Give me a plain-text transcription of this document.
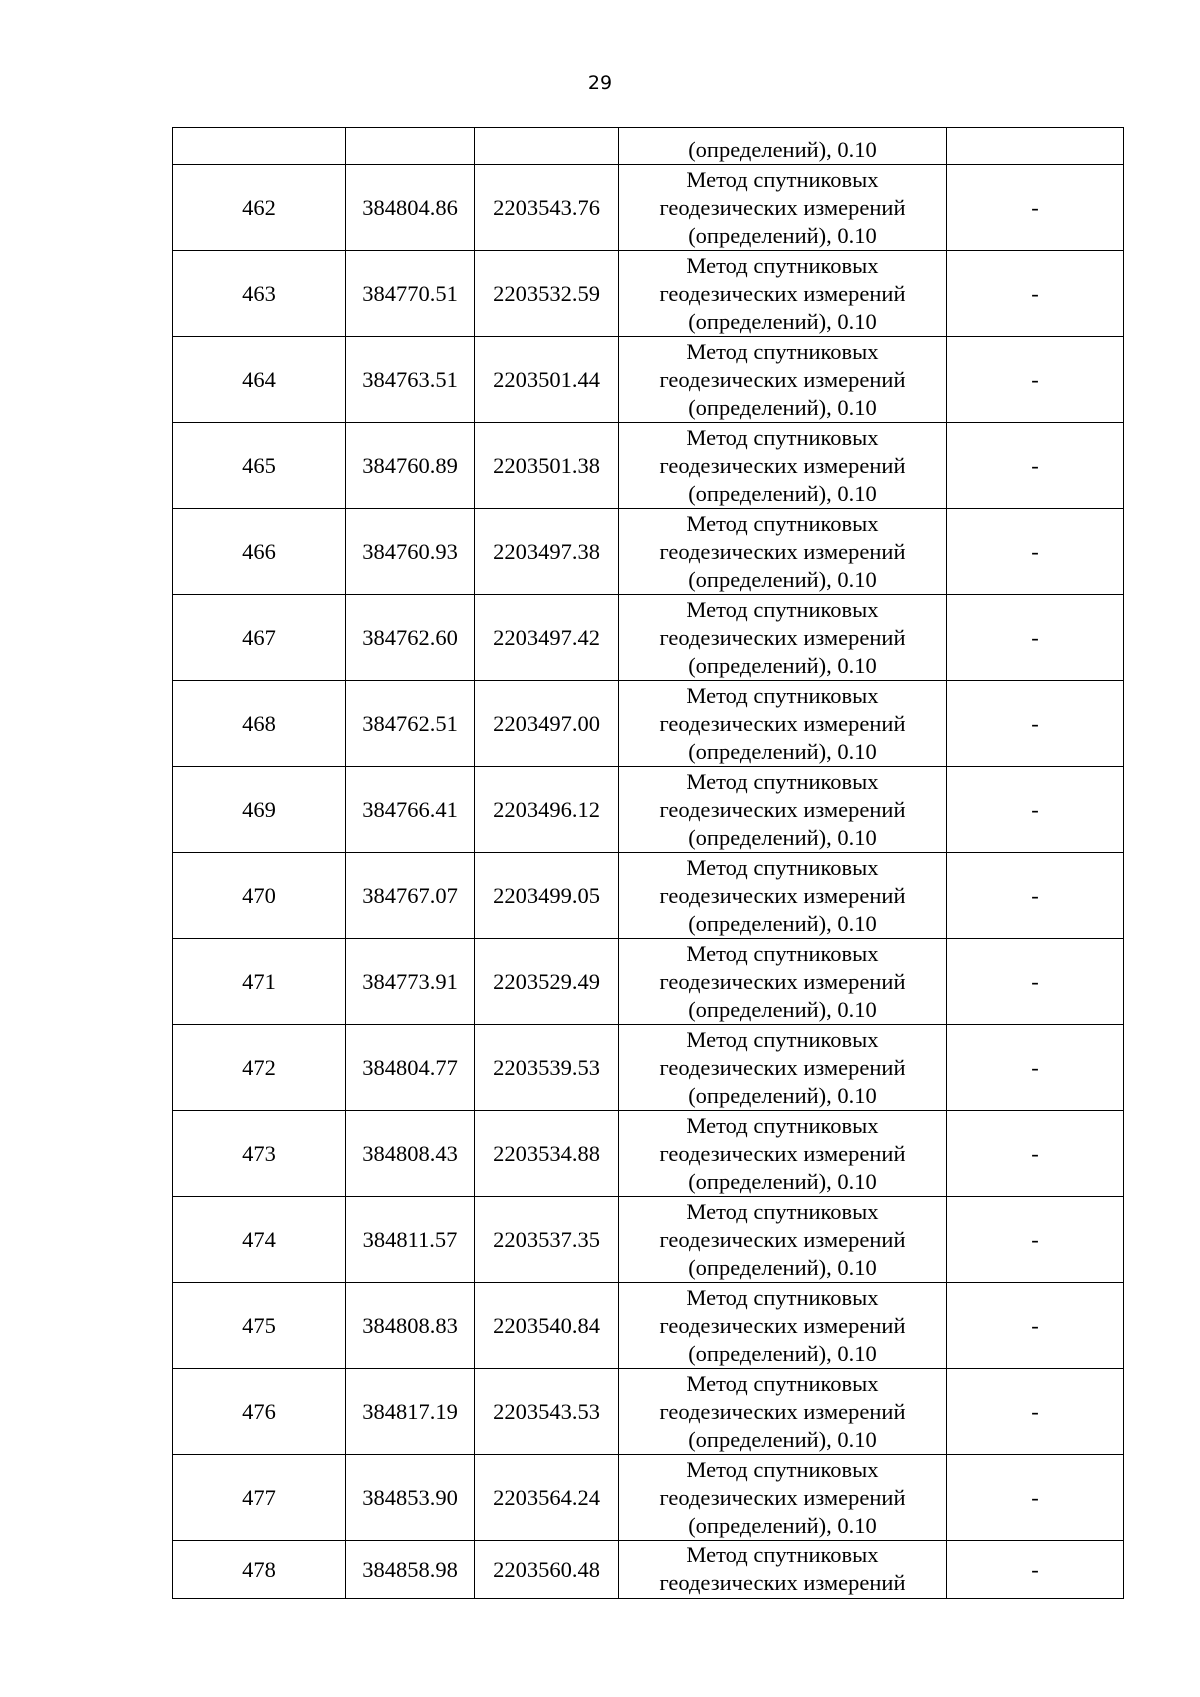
29
			(определений), 0.10	
462	384804.86	2203543.76	Метод спутниковых
геодезических измерений
(определений), 0.10	-
463	384770.51	2203532.59	Метод спутниковых
геодезических измерений
(определений), 0.10	-
464	384763.51	2203501.44	Метод спутниковых
геодезических измерений
(определений), 0.10	-
465	384760.89	2203501.38	Метод спутниковых
геодезических измерений
(определений), 0.10	-
466	384760.93	2203497.38	Метод спутниковых
геодезических измерений
(определений), 0.10	-
467	384762.60	2203497.42	Метод спутниковых
геодезических измерений
(определений), 0.10	-
468	384762.51	2203497.00	Метод спутниковых
геодезических измерений
(определений), 0.10	-
469	384766.41	2203496.12	Метод спутниковых
геодезических измерений
(определений), 0.10	-
470	384767.07	2203499.05	Метод спутниковых
геодезических измерений
(определений), 0.10	-
471	384773.91	2203529.49	Метод спутниковых
геодезических измерений
(определений), 0.10	-
472	384804.77	2203539.53	Метод спутниковых
геодезических измерений
(определений), 0.10	-
473	384808.43	2203534.88	Метод спутниковых
геодезических измерений
(определений), 0.10	-
474	384811.57	2203537.35	Метод спутниковых
геодезических измерений
(определений), 0.10	-
475	384808.83	2203540.84	Метод спутниковых
геодезических измерений
(определений), 0.10	-
476	384817.19	2203543.53	Метод спутниковых
геодезических измерений
(определений), 0.10	-
477	384853.90	2203564.24	Метод спутниковых
геодезических измерений
(определений), 0.10	-
478	384858.98	2203560.48	Метод спутниковых
геодезических измерений	-
